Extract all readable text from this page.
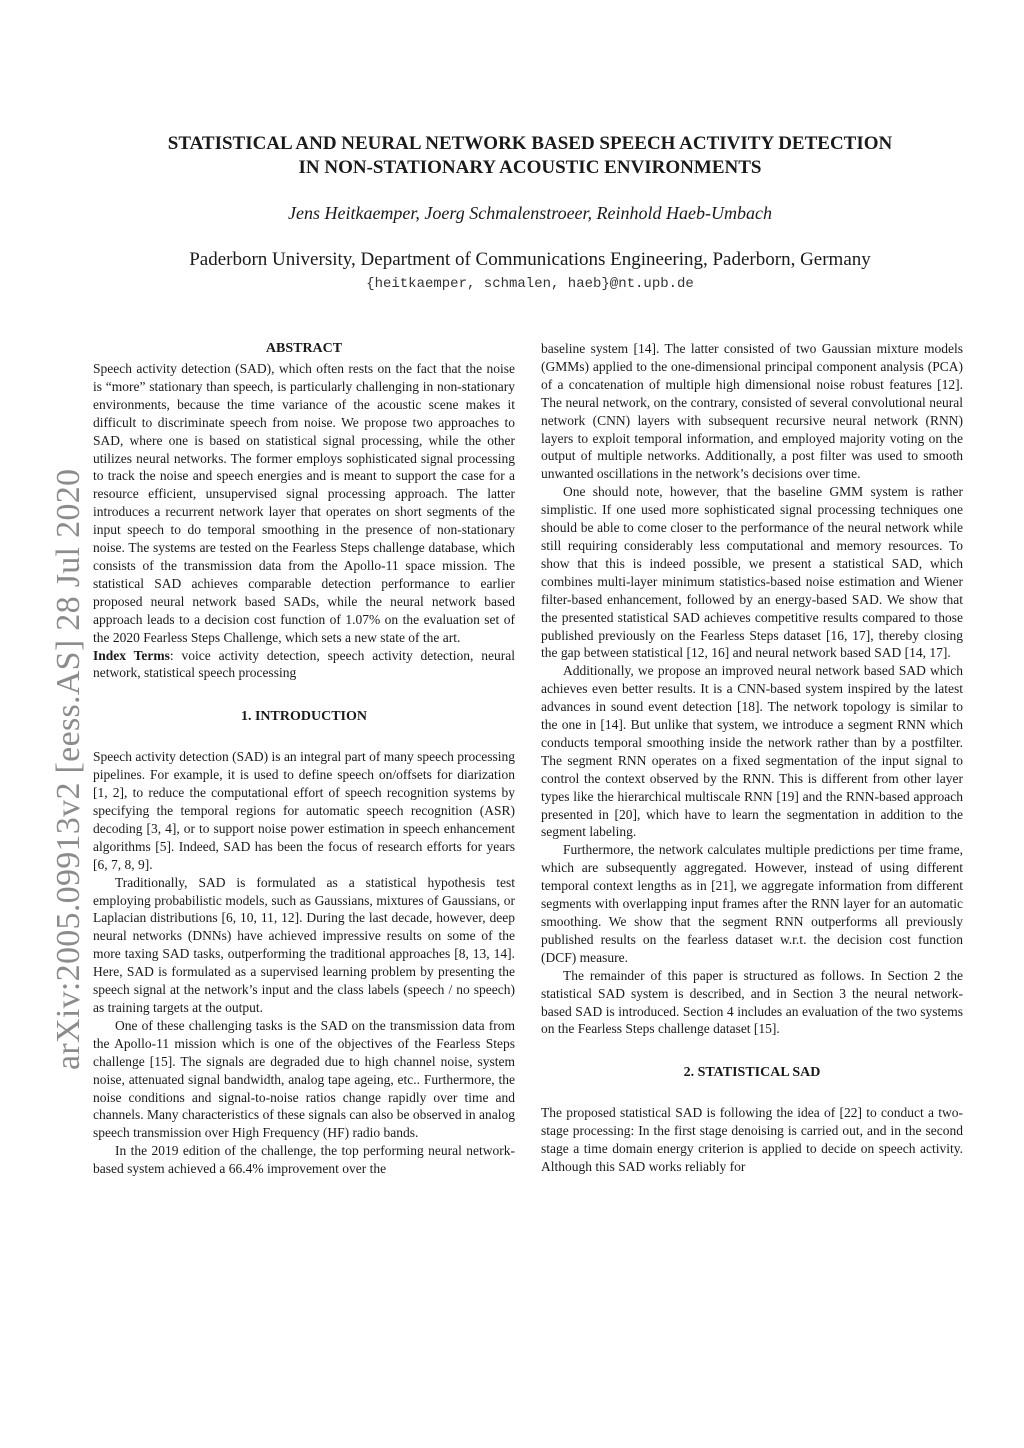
arXiv:2005.09913v2 [eess.AS] 28 Jul 2020
STATISTICAL AND NEURAL NETWORK BASED SPEECH ACTIVITY DETECTION
IN NON-STATIONARY ACOUSTIC ENVIRONMENTS
Jens Heitkaemper, Joerg Schmalenstroeer, Reinhold Haeb-Umbach
Paderborn University, Department of Communications Engineering, Paderborn, Germany
{heitkaemper, schmalen, haeb}@nt.upb.de
ABSTRACT

Speech activity detection (SAD), which often rests on the fact that the noise is “more” stationary than speech, is particularly challenging in non-stationary environments, because the time variance of the acoustic scene makes it difficult to discriminate speech from noise. We propose two approaches to SAD, where one is based on statistical signal processing, while the other utilizes neural networks. The former employs sophisticated signal processing to track the noise and speech energies and is meant to support the case for a resource efficient, unsupervised signal processing approach. The latter introduces a recurrent network layer that operates on short segments of the input speech to do temporal smoothing in the presence of non-stationary noise. The systems are tested on the Fearless Steps challenge database, which consists of the transmission data from the Apollo-11 space mission. The statistical SAD achieves comparable detection performance to earlier proposed neural network based SADs, while the neural network based approach leads to a decision cost function of 1.07% on the evaluation set of the 2020 Fearless Steps Challenge, which sets a new state of the art.

Index Terms: voice activity detection, speech activity detection, neural network, statistical speech processing

1. INTRODUCTION

Speech activity detection (SAD) is an integral part of many speech processing pipelines. For example, it is used to define speech on/offsets for diarization [1, 2], to reduce the computational effort of speech recognition systems by specifying the temporal regions for automatic speech recognition (ASR) decoding [3, 4], or to support noise power estimation in speech enhancement algorithms [5]. Indeed, SAD has been the focus of research efforts for years [6, 7, 8, 9].

Traditionally, SAD is formulated as a statistical hypothesis test employing probabilistic models, such as Gaussians, mixtures of Gaussians, or Laplacian distributions [6, 10, 11, 12]. During the last decade, however, deep neural networks (DNNs) have achieved impressive results on some of the more taxing SAD tasks, outperforming the traditional approaches [8, 13, 14]. Here, SAD is formulated as a supervised learning problem by presenting the speech signal at the network’s input and the class labels (speech / no speech) as training targets at the output.

One of these challenging tasks is the SAD on the transmission data from the Apollo-11 mission which is one of the objectives of the Fearless Steps challenge [15]. The signals are degraded due to high channel noise, system noise, attenuated signal bandwidth, analog tape ageing, etc.. Furthermore, the noise conditions and signal-to-noise ratios change rapidly over time and channels. Many characteristics of these signals can also be observed in analog speech transmission over High Frequency (HF) radio bands.

In the 2019 edition of the challenge, the top performing neural network-based system achieved a 66.4% improvement over the

baseline system [14]. The latter consisted of two Gaussian mixture models (GMMs) applied to the one-dimensional principal component analysis (PCA) of a concatenation of multiple high dimensional noise robust features [12]. The neural network, on the contrary, consisted of several convolutional neural network (CNN) layers with subsequent recursive neural network (RNN) layers to exploit temporal information, and employed majority voting on the output of multiple networks. Additionally, a post filter was used to smooth unwanted oscillations in the network’s decisions over time.

One should note, however, that the baseline GMM system is rather simplistic. If one used more sophisticated signal processing techniques one should be able to come closer to the performance of the neural network while still requiring considerably less computational and memory resources. To show that this is indeed possible, we present a statistical SAD, which combines multi-layer minimum statistics-based noise estimation and Wiener filter-based enhancement, followed by an energy-based SAD. We show that the presented statistical SAD achieves competitive results compared to those published previously on the Fearless Steps dataset [16, 17], thereby closing the gap between statistical [12, 16] and neural network based SAD [14, 17].

Additionally, we propose an improved neural network based SAD which achieves even better results. It is a CNN-based system inspired by the latest advances in sound event detection [18]. The network topology is similar to the one in [14]. But unlike that system, we introduce a segment RNN which conducts temporal smoothing inside the network rather than by a postfilter. The segment RNN operates on a fixed segmentation of the input signal to control the context observed by the RNN. This is different from other layer types like the hierarchical multiscale RNN [19] and the RNN-based approach presented in [20], which have to learn the segmentation in addition to the segment labeling.

Furthermore, the network calculates multiple predictions per time frame, which are subsequently aggregated. However, instead of using different temporal context lengths as in [21], we aggregate information from different segments with overlapping input frames after the RNN layer for an automatic smoothing. We show that the segment RNN outperforms all previously published results on the fearless dataset w.r.t. the decision cost function (DCF) measure.

The remainder of this paper is structured as follows. In Section 2 the statistical SAD system is described, and in Section 3 the neural network-based SAD is introduced. Section 4 includes an evaluation of the two systems on the Fearless Steps challenge dataset [15].

2. STATISTICAL SAD

The proposed statistical SAD is following the idea of [22] to conduct a two-stage processing: In the first stage denoising is carried out, and in the second stage a time domain energy criterion is applied to decide on speech activity. Although this SAD works reliably for
